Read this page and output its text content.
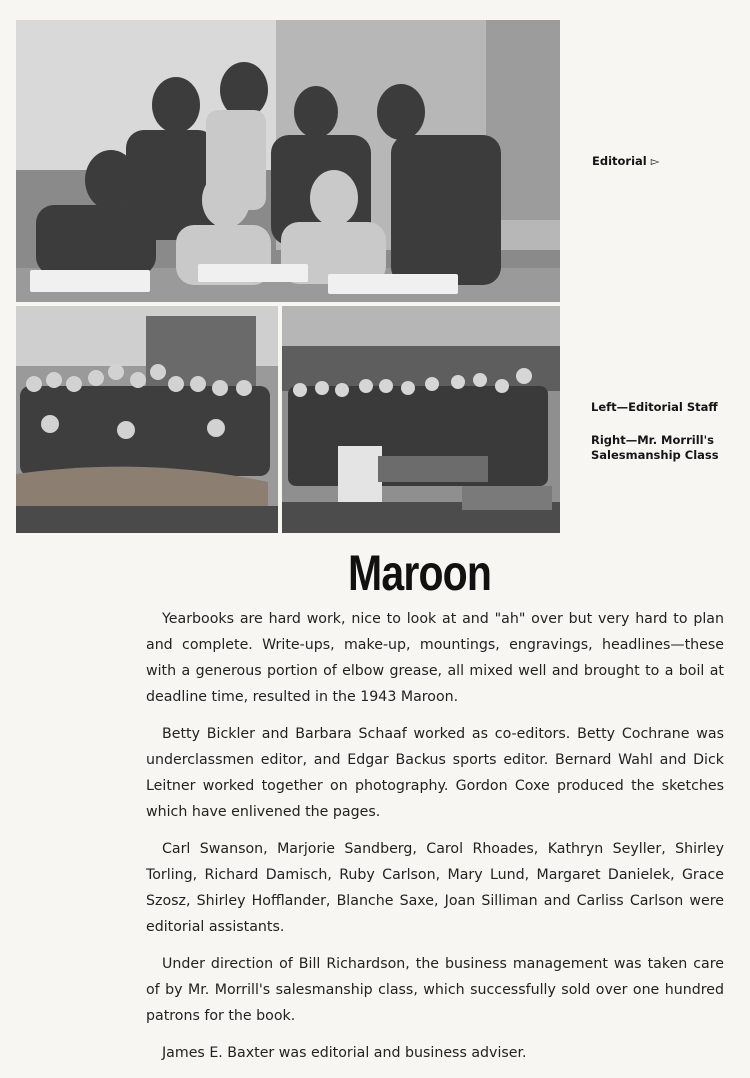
Editorial ▻
Left—Editorial Staff
Right—Mr. Morrill's Salesmanship Class
Maroon

Yearbooks are hard work, nice to look at and "ah" over but very hard to plan and complete. Write-ups, make-up, mountings, engravings, headlines—these with a generous portion of elbow grease, all mixed well and brought to a boil at deadline time, resulted in the 1943 Maroon.

Betty Bickler and Barbara Schaaf worked as co-editors. Betty Cochrane was underclassmen editor, and Edgar Backus sports editor. Bernard Wahl and Dick Leitner worked together on photography. Gordon Coxe produced the sketches which have enlivened the pages.

Carl Swanson, Marjorie Sandberg, Carol Rhoades, Kathryn Seyller, Shirley Torling, Richard Damisch, Ruby Carlson, Mary Lund, Margaret Danielek, Grace Szosz, Shirley Hofflander, Blanche Saxe, Joan Silliman and Carliss Carlson were editorial assistants.

Under direction of Bill Richardson, the business management was taken care of by Mr. Morrill's salesmanship class, which successfully sold over one hundred patrons for the book.

James E. Baxter was editorial and business adviser.
